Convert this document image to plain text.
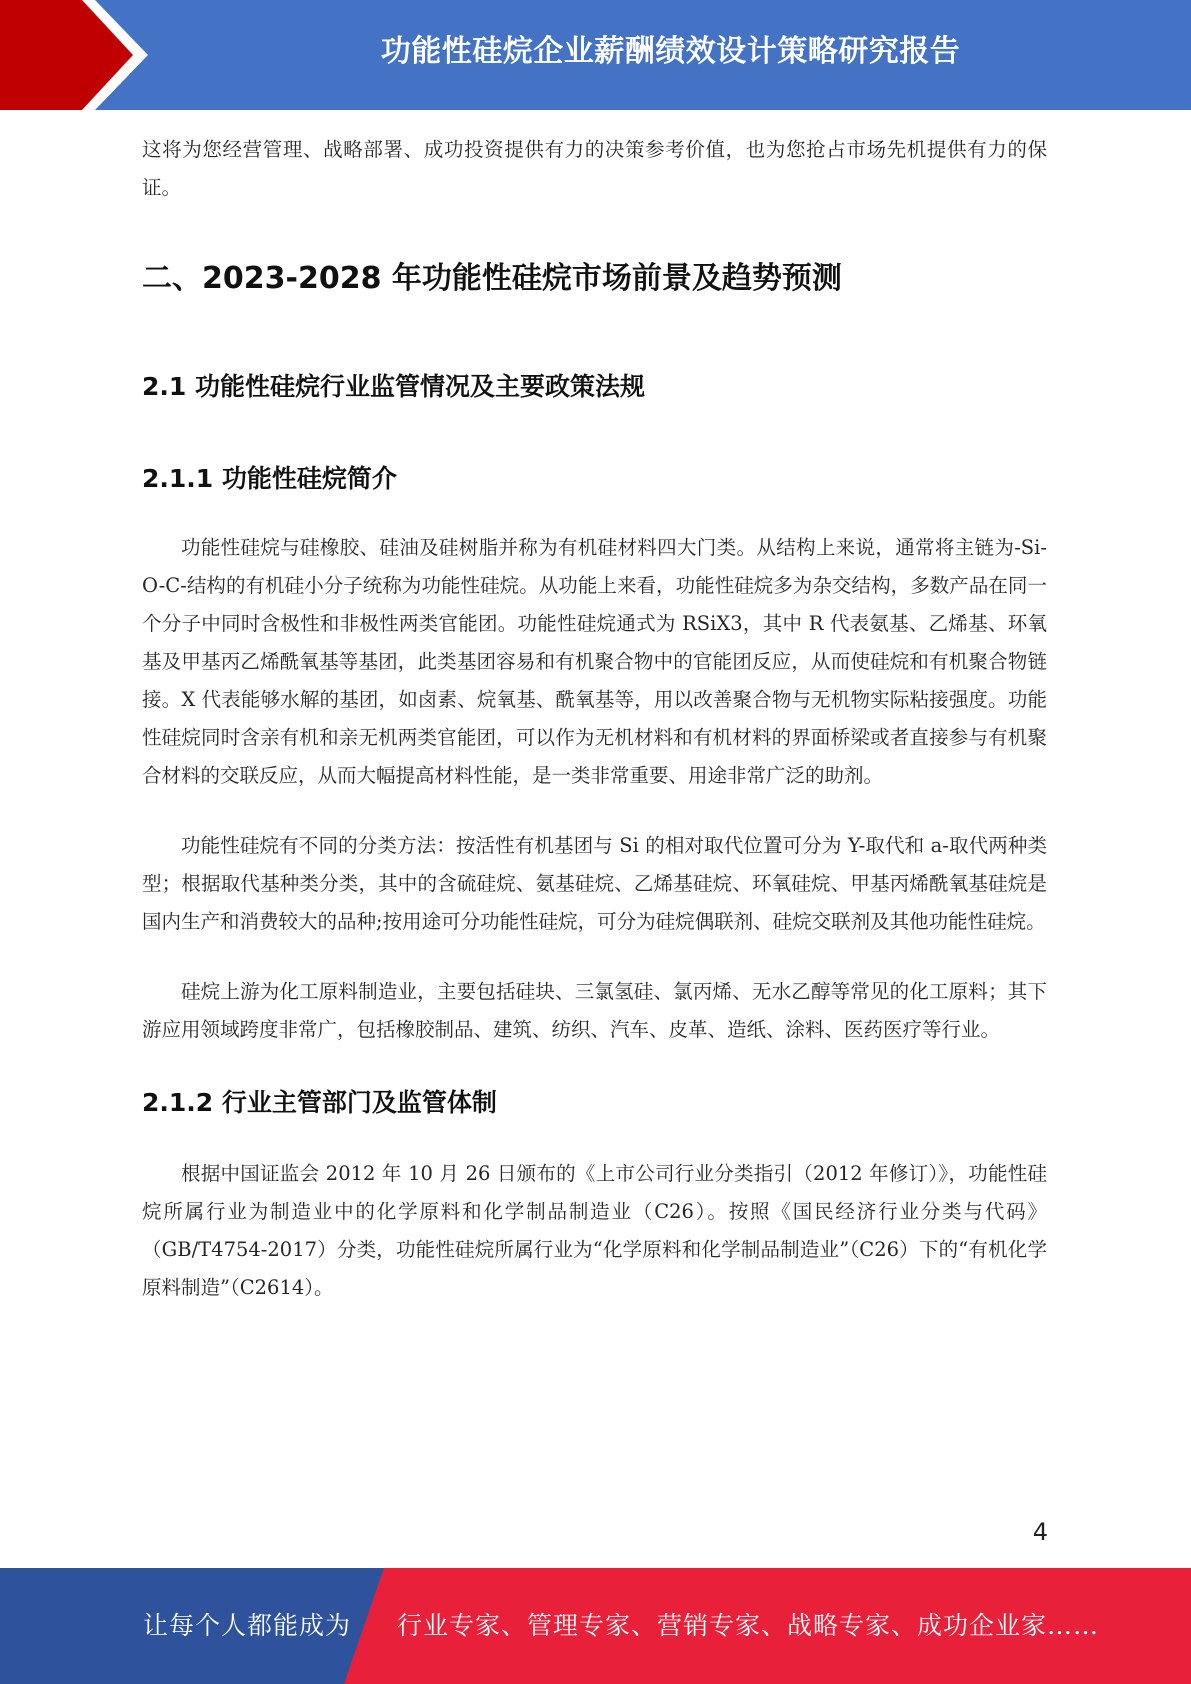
功能性硅烷企业薪酬绩效设计策略研究报告

这将为您经营管理、战略部署、成功投资提供有力的决策参考价值，也为您抢占市场先机提供有力的保证。

二、2023-2028 年功能性硅烷市场前景及趋势预测
2.1 功能性硅烷行业监管情况及主要政策法规
2.1.1 功能性硅烷简介

功能性硅烷与硅橡胶、硅油及硅树脂并称为有机硅材料四大门类。从结构上来说，通常将主链为-Si-O-C-结构的有机硅小分子统称为功能性硅烷。从功能上来看，功能性硅烷多为杂交结构，多数产品在同一个分子中同时含极性和非极性两类官能团。功能性硅烷通式为 RSiX3，其中 R 代表氨基、乙烯基、环氧基及甲基丙乙烯酰氧基等基团，此类基团容易和有机聚合物中的官能团反应，从而使硅烷和有机聚合物链接。X 代表能够水解的基团，如卤素、烷氧基、酰氧基等，用以改善聚合物与无机物实际粘接强度。功能性硅烷同时含亲有机和亲无机两类官能团，可以作为无机材料和有机材料的界面桥梁或者直接参与有机聚合材料的交联反应，从而大幅提高材料性能，是一类非常重要、用途非常广泛的助剂。

功能性硅烷有不同的分类方法：按活性有机基团与 Si 的相对取代位置可分为 Y-取代和 a-取代两种类型；根据取代基种类分类，其中的含硫硅烷、氨基硅烷、乙烯基硅烷、环氧硅烷、甲基丙烯酰氧基硅烷是国内生产和消费较大的品种;按用途可分功能性硅烷，可分为硅烷偶联剂、硅烷交联剂及其他功能性硅烷。

硅烷上游为化工原料制造业，主要包括硅块、三氯氢硅、氯丙烯、无水乙醇等常见的化工原料；其下游应用领域跨度非常广，包括橡胶制品、建筑、纺织、汽车、皮革、造纸、涂料、医药医疗等行业。

2.1.2 行业主管部门及监管体制

根据中国证监会 2012 年 10 月 26 日颁布的《上市公司行业分类指引（2012 年修订）》，功能性硅烷所属行业为制造业中的化学原料和化学制品制造业（C26）。按照《国民经济行业分类与代码》（GB/T4754-2017）分类，功能性硅烷所属行业为“化学原料和化学制品制造业”（C26）下的“有机化学原料制造”（C2614）。

4
让每个人都能成为 行业专家、管理专家、营销专家、战略专家、成功企业家……
